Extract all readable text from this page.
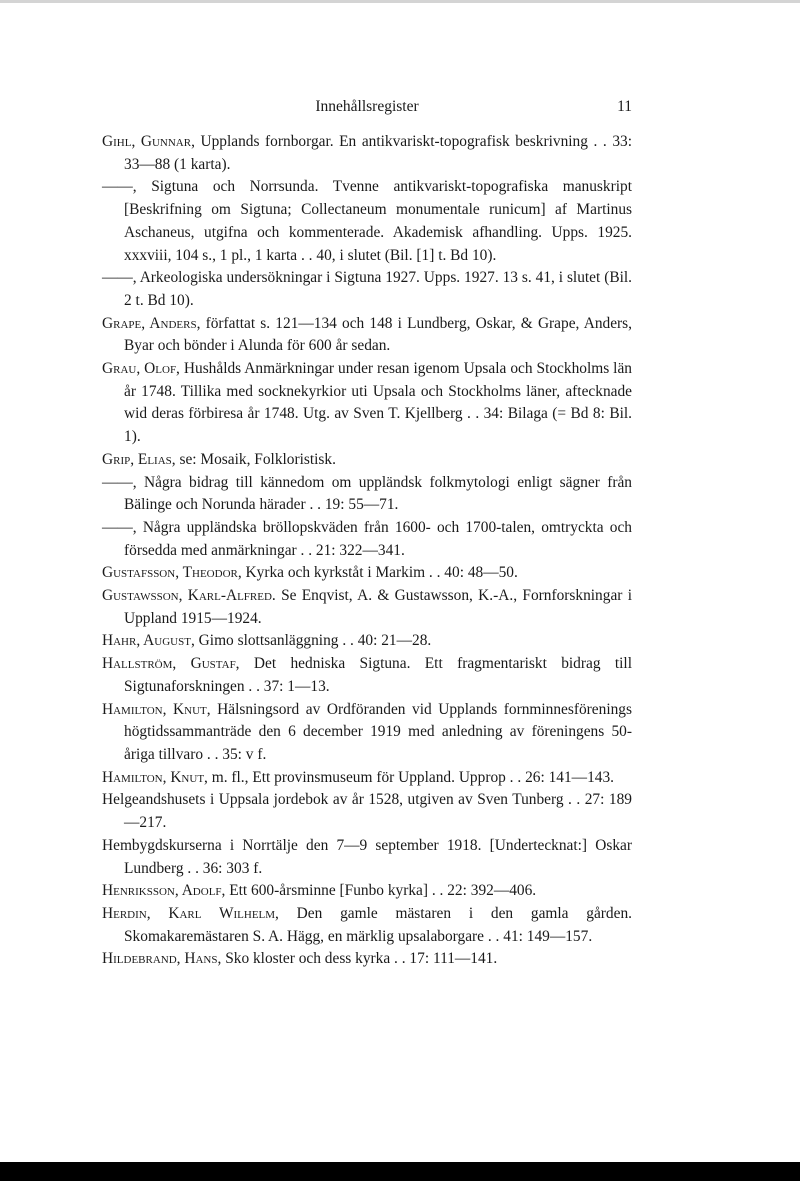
Innehållsregister	11
Gihl, Gunnar, Upplands fornborgar. En antikvariskt-topografisk beskrivning . . 33: 33—88 (1 karta).
——, Sigtuna och Norrsunda. Tvenne antikvariskt-topografiska manuskript [Beskrifning om Sigtuna; Collectaneum monumentale runicum] af Martinus Aschaneus, utgifna och kommenterade. Akademisk afhandling. Upps. 1925. xxxviii, 104 s., 1 pl., 1 karta . . 40, i slutet (Bil. [1] t. Bd 10).
——, Arkeologiska undersökningar i Sigtuna 1927. Upps. 1927. 13 s. 41, i slutet (Bil. 2 t. Bd 10).
Grape, Anders, författat s. 121—134 och 148 i Lundberg, Oskar, & Grape, Anders, Byar och bönder i Alunda för 600 år sedan.
Grau, Olof, Hushålds Anmärkningar under resan igenom Upsala och Stockholms län år 1748. Tillika med socknekyrkior uti Upsala och Stockholms läner, aftecknade wid deras förbiresa år 1748. Utg. av Sven T. Kjellberg . . 34: Bilaga (= Bd 8: Bil. 1).
Grip, Elias, se: Mosaik, Folkloristisk.
——, Några bidrag till kännedom om uppländsk folkmytologi enligt sägner från Bälinge och Norunda härader . . 19: 55—71.
——, Några uppländska bröllopskväden från 1600- och 1700-talen, omtryckta och försedda med anmärkningar . . 21: 322—341.
Gustafsson, Theodor, Kyrka och kyrkståt i Markim . . 40: 48—50.
Gustawsson, Karl-Alfred. Se Enqvist, A. & Gustawsson, K.-A., Fornforskningar i Uppland 1915—1924.
Hahr, August, Gimo slottsanläggning . . 40: 21—28.
Hallström, Gustaf, Det hedniska Sigtuna. Ett fragmentariskt bidrag till Sigtunaforskningen . . 37: 1—13.
Hamilton, Knut, Hälsningsord av Ordföranden vid Upplands fornminnesförenings högtidssammanträde den 6 december 1919 med anledning av föreningens 50-åriga tillvaro . . 35: v f.
Hamilton, Knut, m. fl., Ett provinsmuseum för Uppland. Upprop . . 26: 141—143.
Helgeandshusets i Uppsala jordebok av år 1528, utgiven av Sven Tunberg . . 27: 189—217.
Hembygdskurserna i Norrtälje den 7—9 september 1918. [Undertecknat:] Oskar Lundberg . . 36: 303 f.
Henriksson, Adolf, Ett 600-årsminne [Funbo kyrka] . . 22: 392—406.
Herdin, Karl Wilhelm, Den gamle mästaren i den gamla gården. Skomakaremästaren S. A. Hägg, en märklig upsalaborgare . . 41: 149—157.
Hildebrand, Hans, Sko kloster och dess kyrka . . 17: 111—141.
